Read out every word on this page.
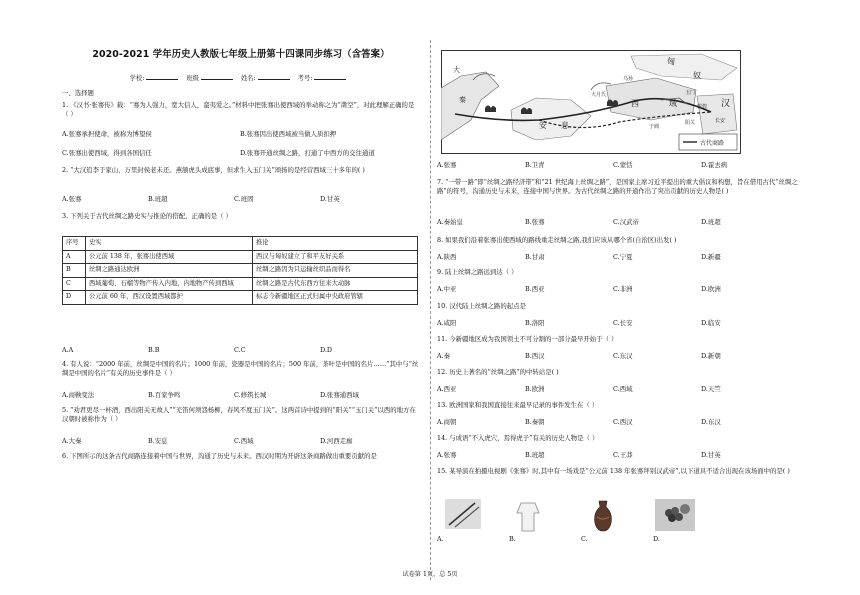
2020-2021 学年历史人教版七年级上册第十四课同步练习（含答案）
学校:	班级	姓名:	考号:
一、选择题
1. 《汉书·张骞传》载：“骞为人强力，宽大信人，蛮夷爱之。”材料中把张骞出使西域的举动称之为“凿空”，对此理解正确的是（ ）
A.张骞承担使命，被称为博望侯	B.张骞因出使西域被当做人质扣押
C.张骞出使西域，得到各国信任	D.张骞开通丝绸之路，打通了中西方的交往通道
2. “大汉追李于家山，万里封侯老未还。燕颔虎头成底事，但求生入玉门关”颂扬的是经营西域三十多年的( )
A.张骞	B.班超	C.班固	D.甘英
3. 下列关于古代丝绸之路史实与推论的搭配，正确的是（ ）
序号	史实	推论
A	公元前 138 年，张骞出使西域	西汉与匈奴建立了和平友好关系
B	丝绸之路通达欧洲	丝绸之路因为只运输丝织品而得名
C	西域葡萄、石榴等物产传入内地，内地物产传到西域	丝绸之路是古代东西方往来大动脉
D	公元前 60 年，西汉设置西域都护	标志今新疆地区正式归属中央政府管辖
A.A	B.B	C.C	D.D
4. 有人说：“2000 年前，丝绸是中国的名片；1000 年前，瓷器是中国的名片；500 年前，茶叶是中国的名片……”其中与“丝绸是中国的名片”有关的历史事件是（ ）
A.商鞅变法	B.百家争鸣	C.修筑长城	D.张骞通西域
5. “劝君更尽一杯酒，西出阳关无故人”“羌笛何须怨杨柳，春风不度玉门关”。这两首诗中提到的“阳关”“玉门关”以西的地方在汉朝时被称作为（ ）
A.大秦	B.安息	C.西域	D.河西走廊
6. 下图所示的这条古代商路连接着中国与世界，沟通了历史与未来。西汉时期为开辟这条商路做出重要贡献的是
大
秦
安 息
西	域
大月氏
乌孙
玉门
阳关
于阗
敦煌
长安
匈
奴
汉
古代商路
A.张骞	B.卫青	C.蒙恬	D.霍去病
7. “一带一路”即“丝绸之路经济带”和“21 世纪海上丝绸之路”，是国家主席习近平提出的重大倡议和构想，旨在借用古代“丝绸之路”的符号，沟通历史与未来，连接中国与世界。为古代丝绸之路的开通作出了突出贡献的历史人物是( )
A.秦始皇	B.张骞	C.汉武帝	D.班超
8. 如果我们沿着张骞出使西域的路线重走丝绸之路,我们应该从哪个省(自治区)出发( )
A.陕西	B.甘肃	C.宁夏	D.新疆
9. 陆上丝绸之路远到达（ ）
A.中亚	B.西亚	C.非洲	D.欧洲
10. 汉代陆上丝绸之路的起点是
A.咸阳	B.洛阳	C.长安	D.临安
11. 今新疆地区成为我国领土不可分割的一部分最早开始于（ ）
A.秦	B.西汉	C.东汉	D.新朝
12. 历史上著名的“丝绸之路”的中转站是( )
A.西亚	B.欧洲	C.西域	D.天竺
13. 欧洲国家和我国直接往来最早记录的事件发生在（ ）
A.商朝	B.秦朝	C.西汉	D.东汉
14. 与成语“不入虎穴，焉得虎子”有关的历史人物是（ ）
A.张骞	B.班超	C.王莽	D.甘英
15. 某导演在拍摄电视剧《张骞》时,其中有一场戏是“公元前 138 年张骞拜别汉武帝”,以下道具不适合出现在该场面中的是( )
A.	B.	C.	D.
试卷第 1页，总 5页
